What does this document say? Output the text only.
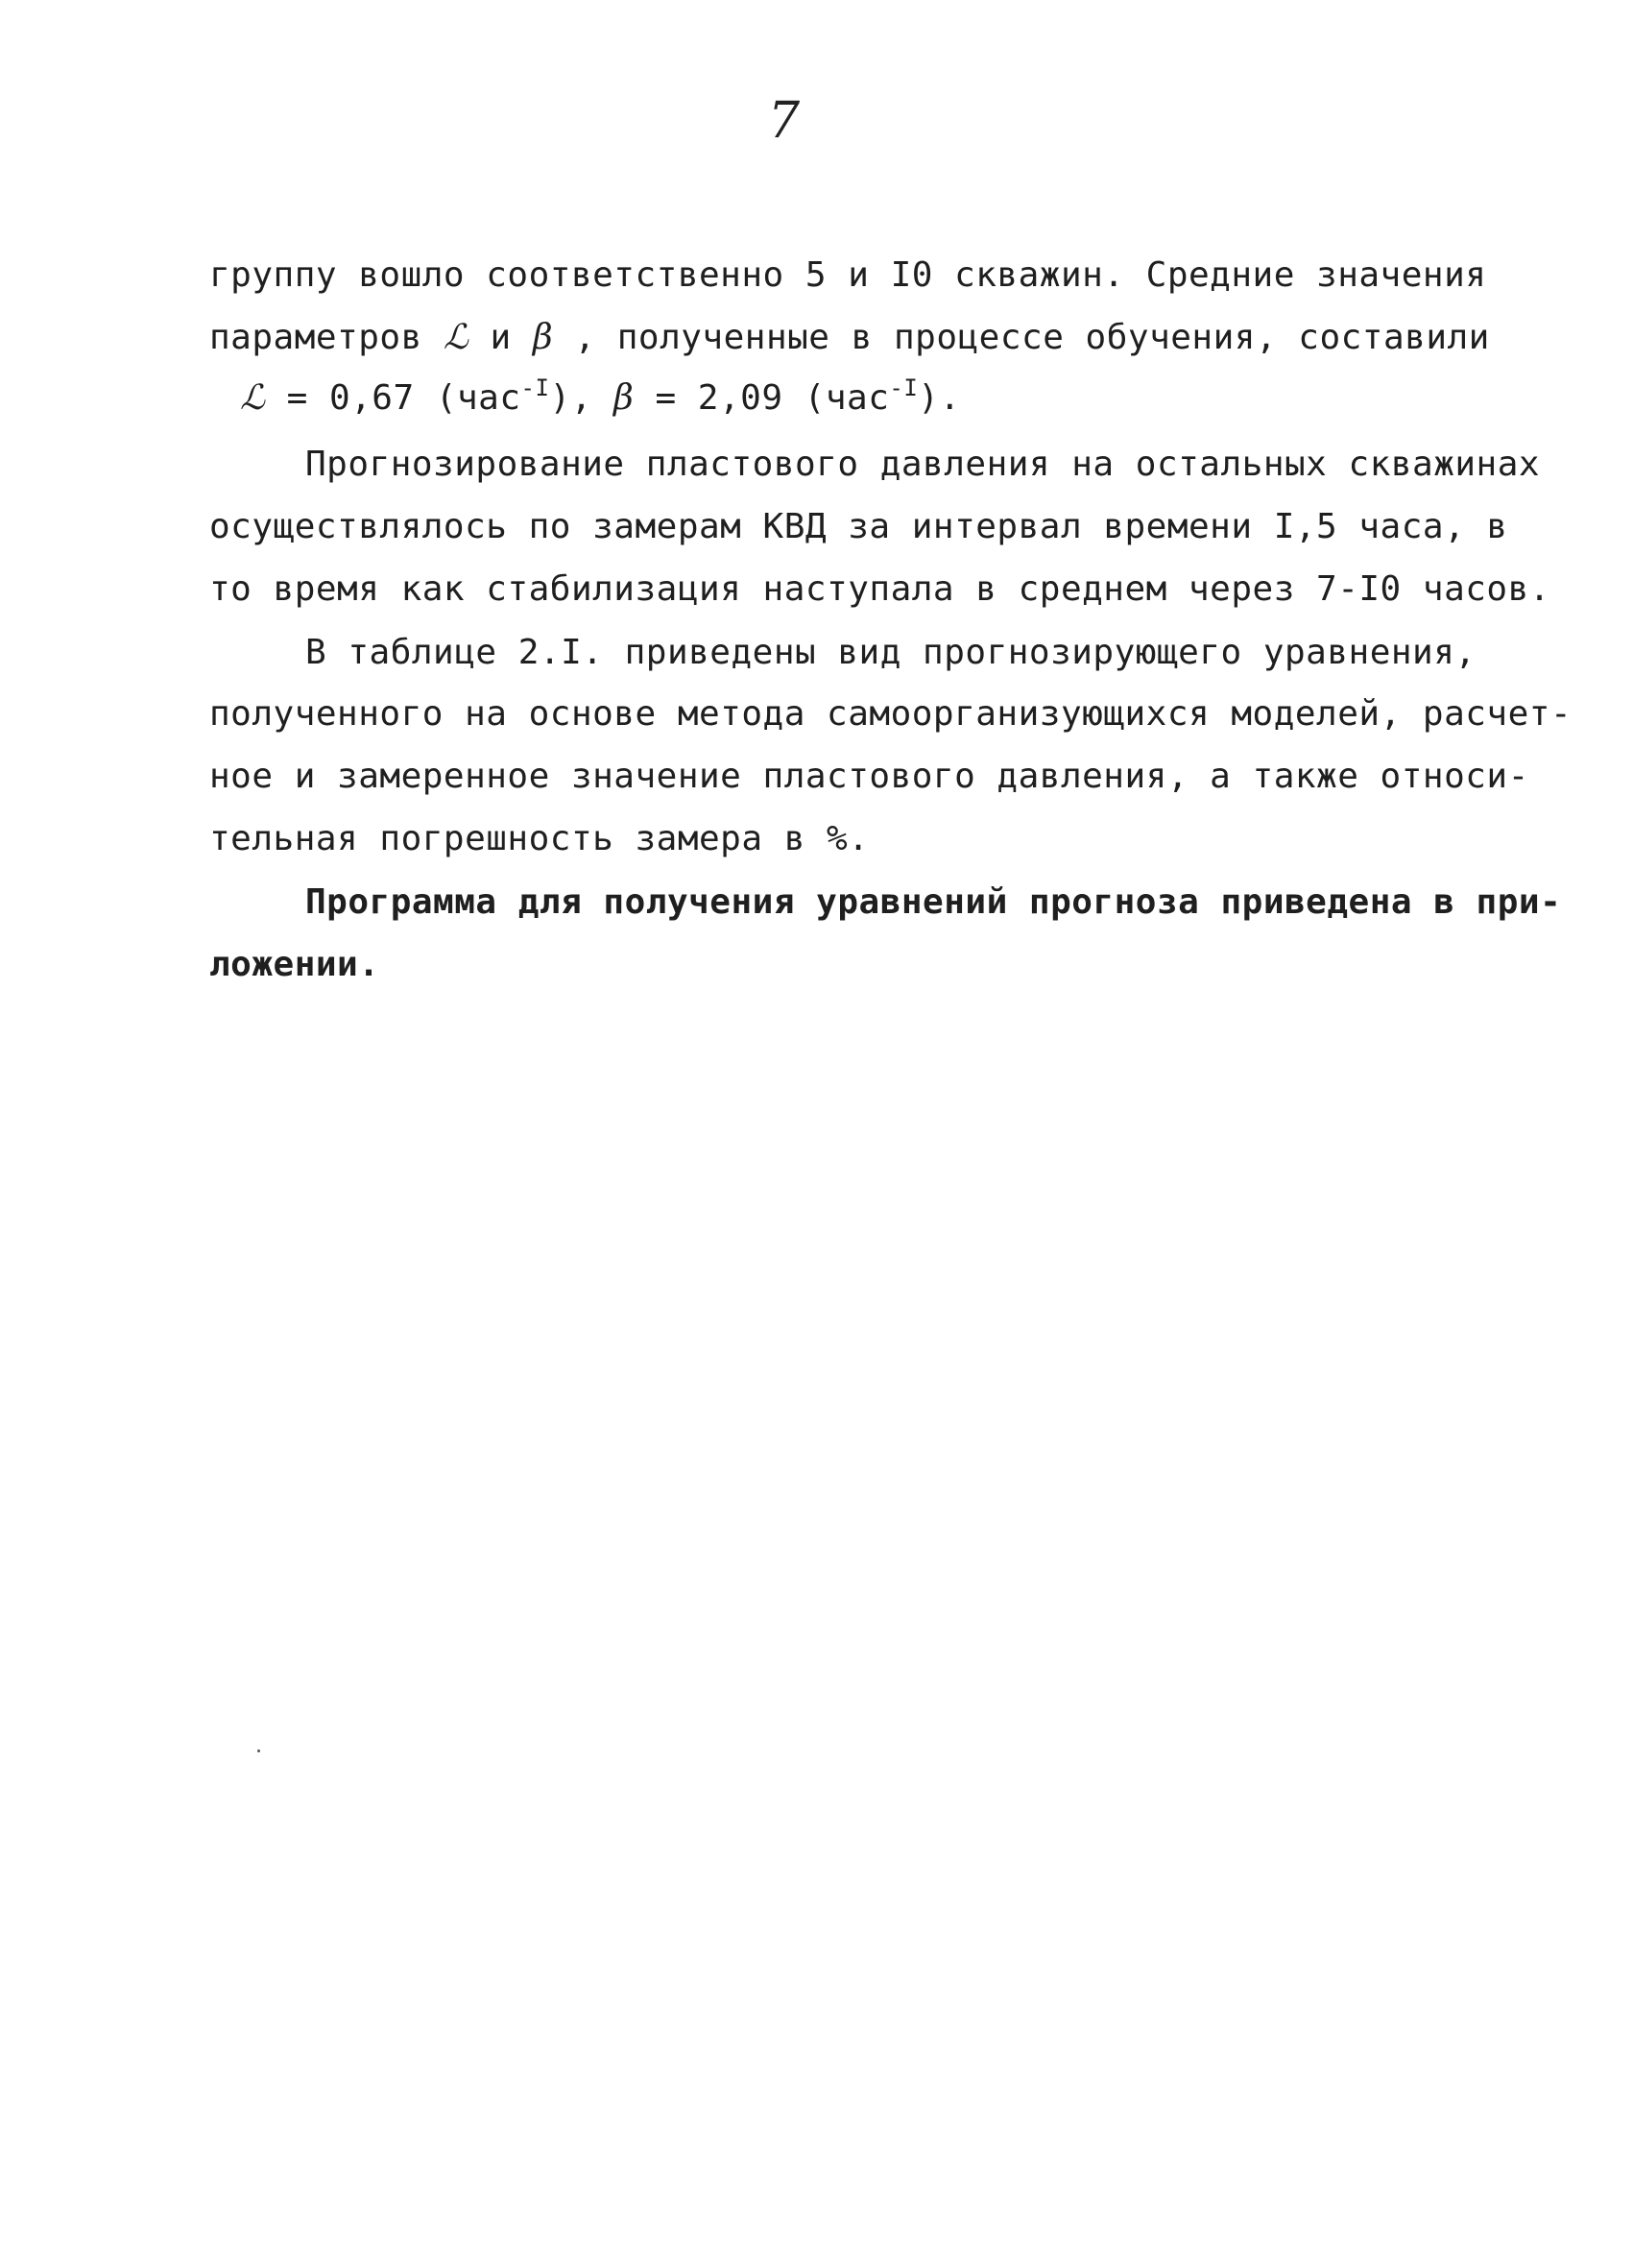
7
группу вошло соответственно 5 и I0 скважин. Средние значения
параметров ℒ и β , полученные в процессе обучения, составили
ℒ = 0,67 (час$^{-I}$), β = 2,09 (час$^{-I}$).
Прогнозирование пластового давления на остальных скважинах
осуществлялось по замерам КВД за интервал времени I,5 часа, в
то время как стабилизация наступала в среднем через 7-I0 часов.
В таблице 2.I. приведены вид прогнозирующего уравнения,
полученного на основе метода самоорганизующихся моделей, расчет-
ное и замеренное значение пластового давления, а также относи-
тельная погрешность замера в %.
Программа для получения уравнений прогноза приведена в при-
ложении.
